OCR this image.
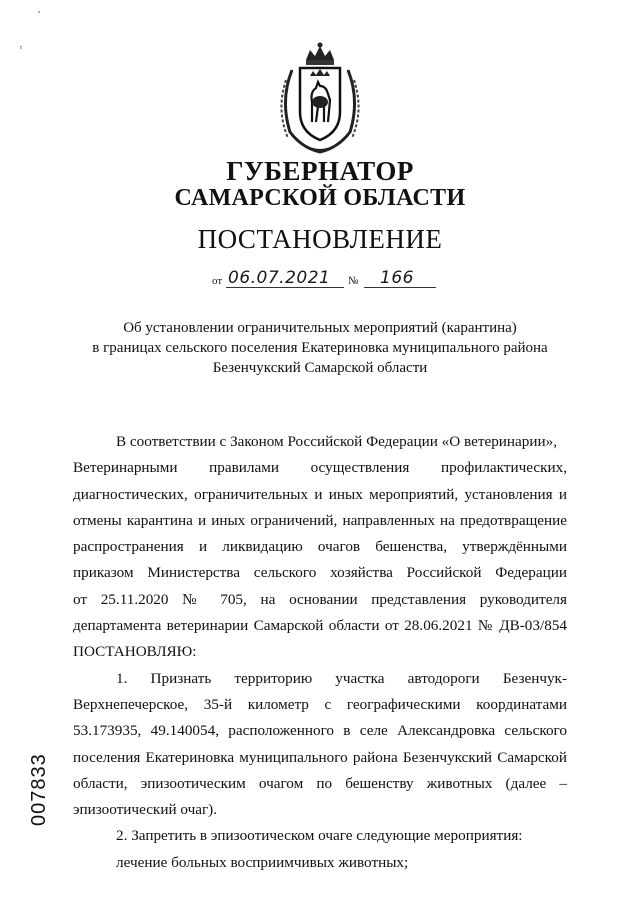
ʹ
ᵣ
ГУБЕРНАТОР
САМАРСКОЙ ОБЛАСТИ
ПОСТАНОВЛЕНИЕ
от 06.07.2021 № 166
Об установлении ограничительных мероприятий (карантина)
в границах сельского поселения Екатериновка муниципального района
Безенчукский Самарской области
В соответствии с Законом Российской Федерации «О ветеринарии»,
Ветеринарными правилами осуществления профилактических,
диагностических, ограничительных и иных мероприятий, установления и
отмены карантина и иных ограничений, направленных на предотвращение
распространения и ликвидацию очагов бешенства, утверждёнными
приказом Министерства сельского хозяйства Российской Федерации
от 25.11.2020 № 705, на основании представления руководителя
департамента ветеринарии Самарской области от 28.06.2021 № ДВ-03/854
ПОСТАНОВЛЯЮ:
1. Признать территорию участка автодороги Безенчук-
Верхнепечерское, 35-й километр с географическими координатами
53.173935, 49.140054, расположенного в селе Александровка сельского
поселения Екатериновка муниципального района Безенчукский Самарской
области, эпизоотическим очагом по бешенству животных (далее –
эпизоотический очаг).
2. Запретить в эпизоотическом очаге следующие мероприятия:
лечение больных восприимчивых животных;
007833
